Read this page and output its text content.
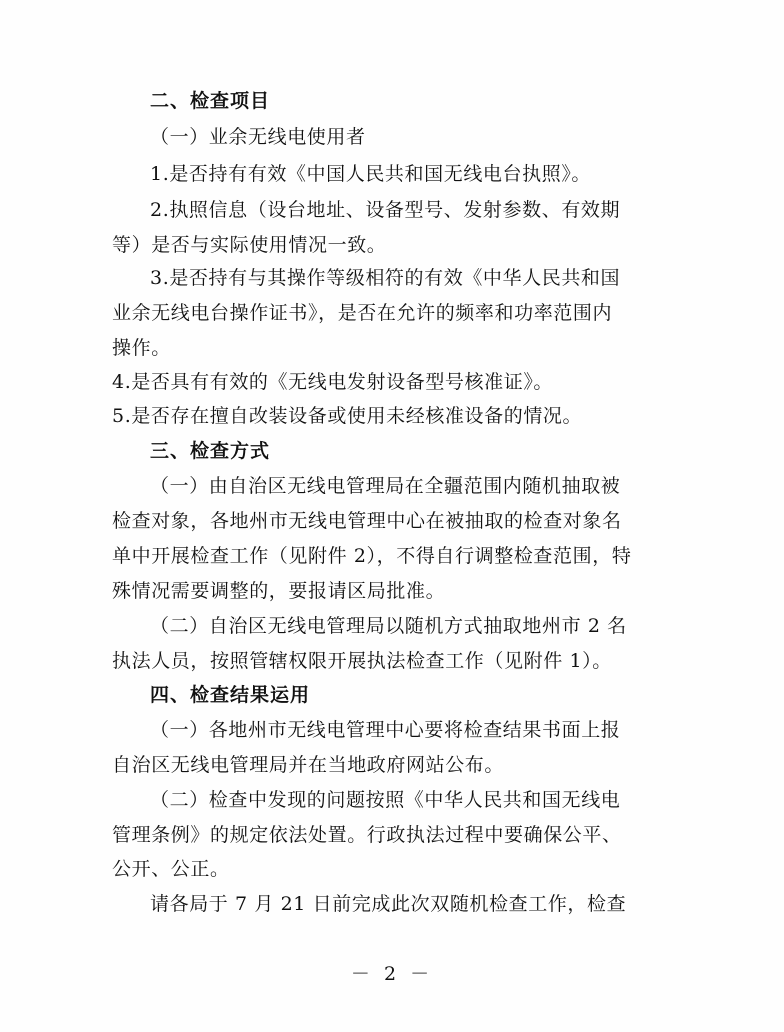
二、检查项目
（一）业余无线电使用者
1.是否持有有效《中国人民共和国无线电台执照》。
2.执照信息（设台地址、设备型号、发射参数、有效期
等）是否与实际使用情况一致。
3.是否持有与其操作等级相符的有效《中华人民共和国
业余无线电台操作证书》，是否在允许的频率和功率范围内
操作。
4.是否具有有效的《无线电发射设备型号核准证》。
5.是否存在擅自改装设备或使用未经核准设备的情况。
三、检查方式
（一）由自治区无线电管理局在全疆范围内随机抽取被
检查对象，各地州市无线电管理中心在被抽取的检查对象名
单中开展检查工作（见附件 2），不得自行调整检查范围，特
殊情况需要调整的，要报请区局批准。
（二）自治区无线电管理局以随机方式抽取地州市 2 名
执法人员，按照管辖权限开展执法检查工作（见附件 1）。
四、检查结果运用
（一）各地州市无线电管理中心要将检查结果书面上报
自治区无线电管理局并在当地政府网站公布。
（二）检查中发现的问题按照《中华人民共和国无线电
管理条例》的规定依法处置。行政执法过程中要确保公平、
公开、公正。
请各局于 7 月 21 日前完成此次双随机检查工作，检查
－ 2 －
